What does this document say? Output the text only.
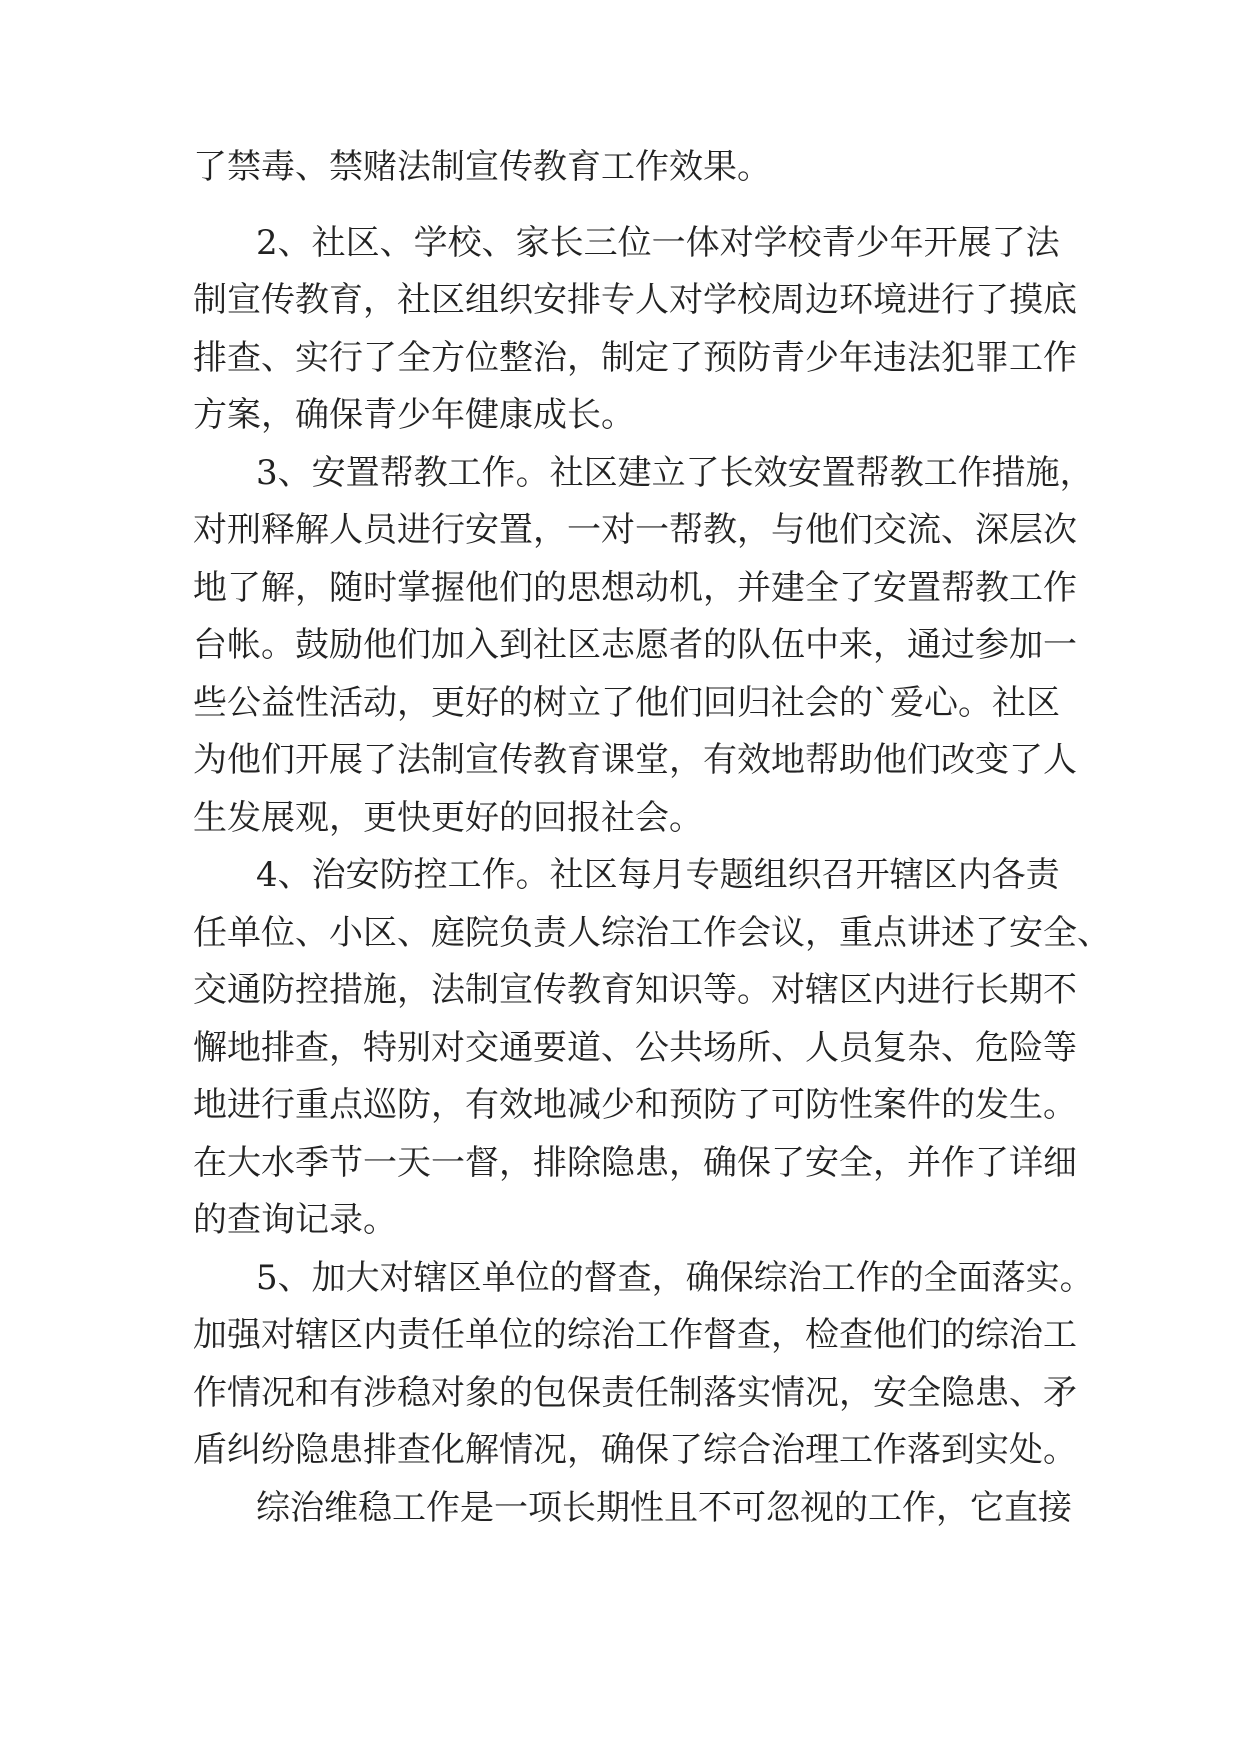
了禁毒、禁赌法制宣传教育工作效果。
2、社区、学校、家长三位一体对学校青少年开展了法
制宣传教育，社区组织安排专人对学校周边环境进行了摸底
排查、实行了全方位整治，制定了预防青少年违法犯罪工作
方案，确保青少年健康成长。
3、安置帮教工作。社区建立了长效安置帮教工作措施，
对刑释解人员进行安置，一对一帮教，与他们交流、深层次
地了解，随时掌握他们的思想动机，并建全了安置帮教工作
台帐。鼓励他们加入到社区志愿者的队伍中来，通过参加一
些公益性活动，更好的树立了他们回归社会的`爱心。社区
为他们开展了法制宣传教育课堂，有效地帮助他们改变了人
生发展观，更快更好的回报社会。
4、治安防控工作。社区每月专题组织召开辖区内各责
任单位、小区、庭院负责人综治工作会议，重点讲述了安全、
交通防控措施，法制宣传教育知识等。对辖区内进行长期不
懈地排查，特别对交通要道、公共场所、人员复杂、危险等
地进行重点巡防，有效地减少和预防了可防性案件的发生。
在大水季节一天一督，排除隐患，确保了安全，并作了详细
的查询记录。
5、加大对辖区单位的督查，确保综治工作的全面落实。
加强对辖区内责任单位的综治工作督查，检查他们的综治工
作情况和有涉稳对象的包保责任制落实情况，安全隐患、矛
盾纠纷隐患排查化解情况，确保了综合治理工作落到实处。
综治维稳工作是一项长期性且不可忽视的工作，它直接
